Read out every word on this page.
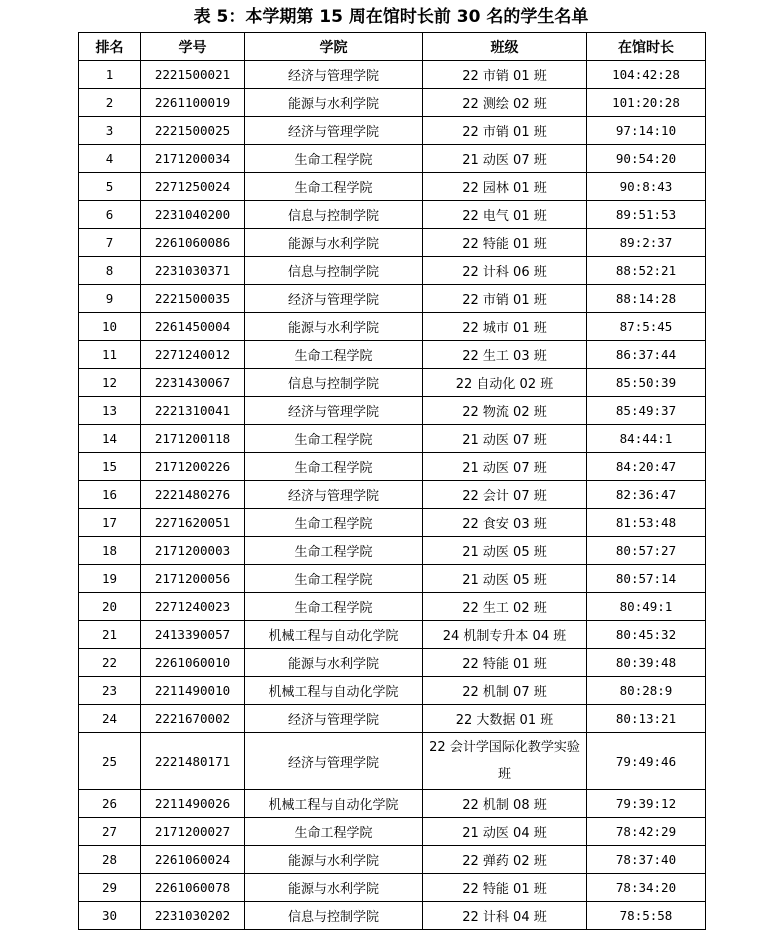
表 5：本学期第 15 周在馆时长前 30 名的学生名单
排名	学号	学院	班级	在馆时长
1	2221500021	经济与管理学院	22 市销 01 班	104:42:28
2	2261100019	能源与水利学院	22 测绘 02 班	101:20:28
3	2221500025	经济与管理学院	22 市销 01 班	97:14:10
4	2171200034	生命工程学院	21 动医 07 班	90:54:20
5	2271250024	生命工程学院	22 园林 01 班	90:8:43
6	2231040200	信息与控制学院	22 电气 01 班	89:51:53
7	2261060086	能源与水利学院	22 特能 01 班	89:2:37
8	2231030371	信息与控制学院	22 计科 06 班	88:52:21
9	2221500035	经济与管理学院	22 市销 01 班	88:14:28
10	2261450004	能源与水利学院	22 城市 01 班	87:5:45
11	2271240012	生命工程学院	22 生工 03 班	86:37:44
12	2231430067	信息与控制学院	22 自动化 02 班	85:50:39
13	2221310041	经济与管理学院	22 物流 02 班	85:49:37
14	2171200118	生命工程学院	21 动医 07 班	84:44:1
15	2171200226	生命工程学院	21 动医 07 班	84:20:47
16	2221480276	经济与管理学院	22 会计 07 班	82:36:47
17	2271620051	生命工程学院	22 食安 03 班	81:53:48
18	2171200003	生命工程学院	21 动医 05 班	80:57:27
19	2171200056	生命工程学院	21 动医 05 班	80:57:14
20	2271240023	生命工程学院	22 生工 02 班	80:49:1
21	2413390057	机械工程与自动化学院	24 机制专升本 04 班	80:45:32
22	2261060010	能源与水利学院	22 特能 01 班	80:39:48
23	2211490010	机械工程与自动化学院	22 机制 07 班	80:28:9
24	2221670002	经济与管理学院	22 大数据 01 班	80:13:21
25	2221480171	经济与管理学院	22 会计学国际化教学实验班	79:49:46
26	2211490026	机械工程与自动化学院	22 机制 08 班	79:39:12
27	2171200027	生命工程学院	21 动医 04 班	78:42:29
28	2261060024	能源与水利学院	22 弹药 02 班	78:37:40
29	2261060078	能源与水利学院	22 特能 01 班	78:34:20
30	2231030202	信息与控制学院	22 计科 04 班	78:5:58
